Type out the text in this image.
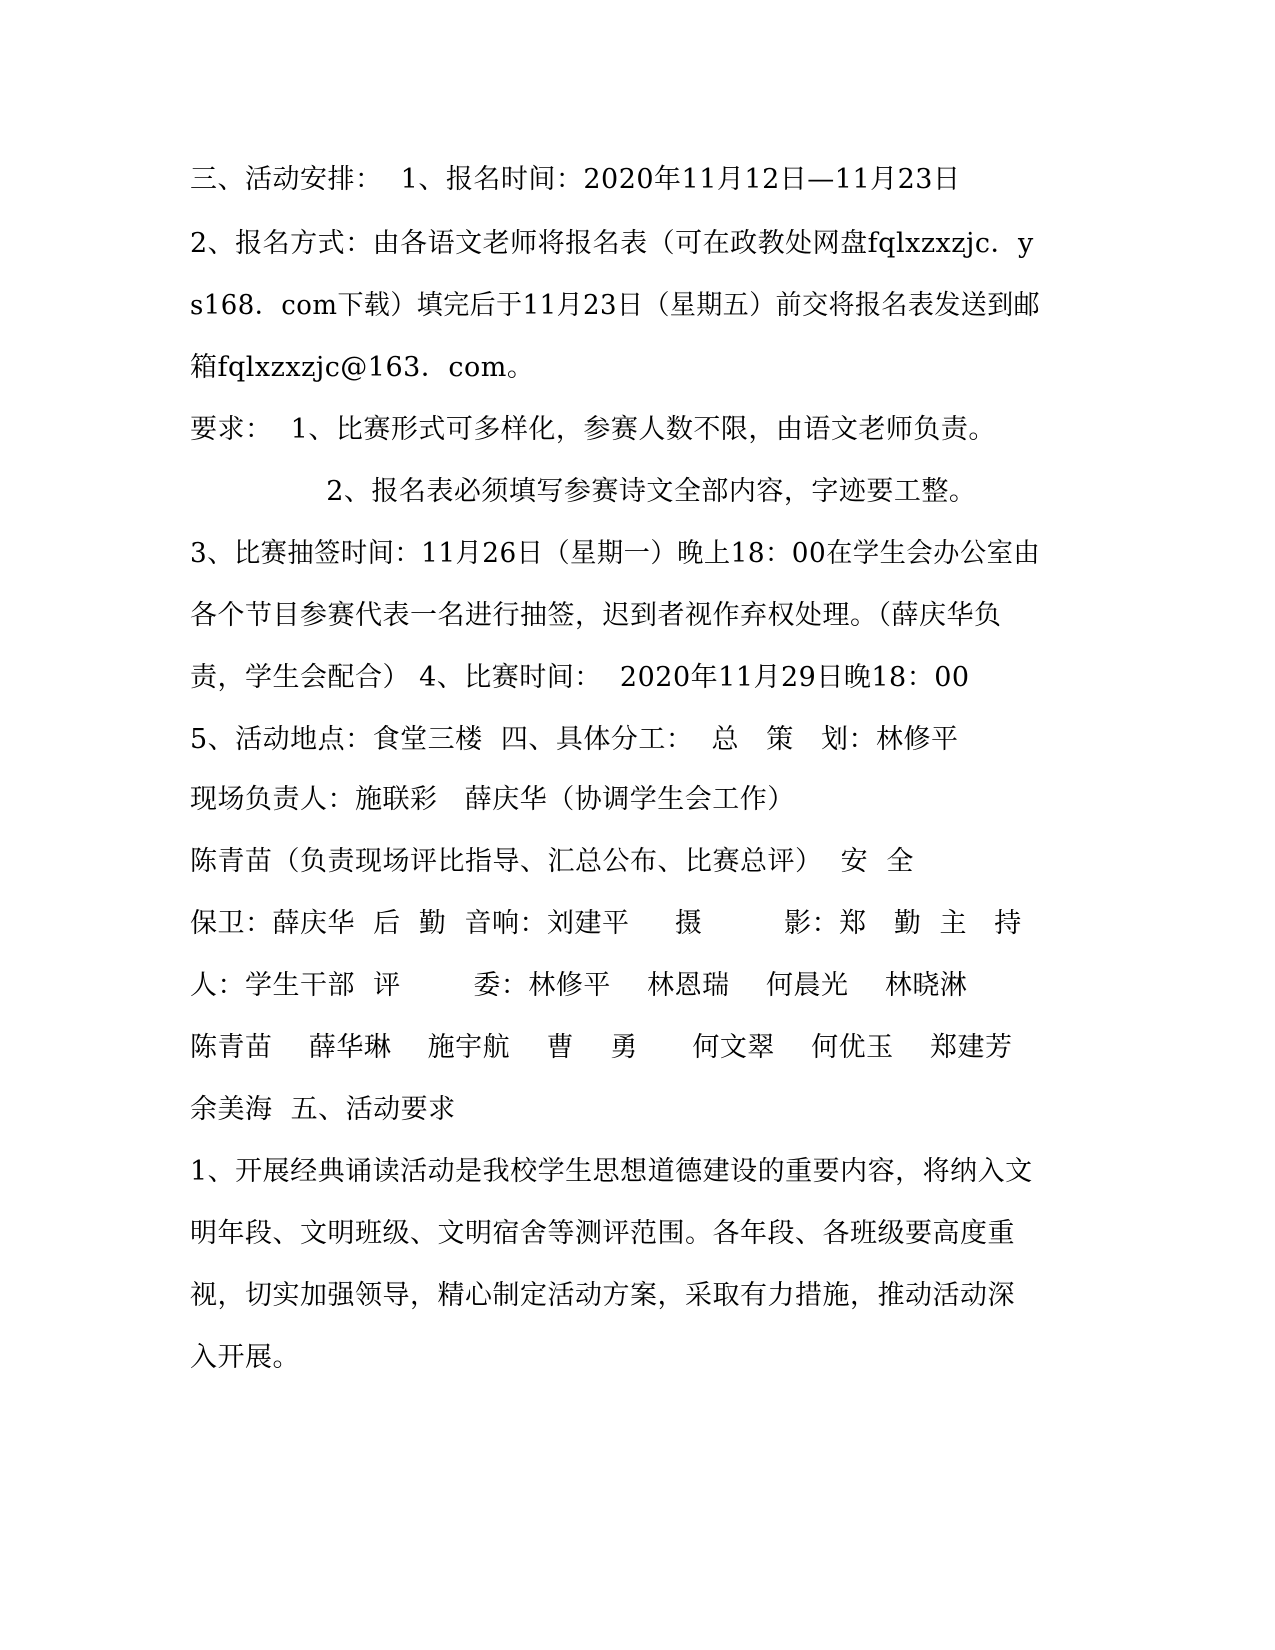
三、活动安排：  1、报名时间：2020年11月12日—11月23日

2、报名方式：由各语文老师将报名表（可在政教处网盘fqlxzxzjc．y

s168．com下载）填完后于11月23日（星期五）前交将报名表发送到邮

箱fqlxzxzjc@163．com。

要求：  1、比赛形式可多样化，参赛人数不限，由语文老师负责。

2、报名表必须填写参赛诗文全部内容，字迹要工整。

3、比赛抽签时间：11月26日（星期一）晚上18：00在学生会办公室由

各个节目参赛代表一名进行抽签，迟到者视作弃权处理。（薛庆华负

责，学生会配合） 4、比赛时间：  2020年11月29日晚18：00

5、活动地点：食堂三楼  四、具体分工：  总   策   划：林修平

现场负责人：施联彩   薛庆华（协调学生会工作）

陈青苗（负责现场评比指导、汇总公布、比赛总评）  安  全

保卫：薛庆华  后  勤  音响：刘建平     摄         影：郑   勤  主   持

人：学生干部  评        委：林修平    林恩瑞    何晨光    林晓淋

陈青苗    薛华琳    施宇航    曹    勇      何文翠    何优玉    郑建芳

余美海  五、活动要求

1、开展经典诵读活动是我校学生思想道德建设的重要内容，将纳入文

明年段、文明班级、文明宿舍等测评范围。各年段、各班级要高度重

视，切实加强领导，精心制定活动方案，采取有力措施，推动活动深

入开展。
